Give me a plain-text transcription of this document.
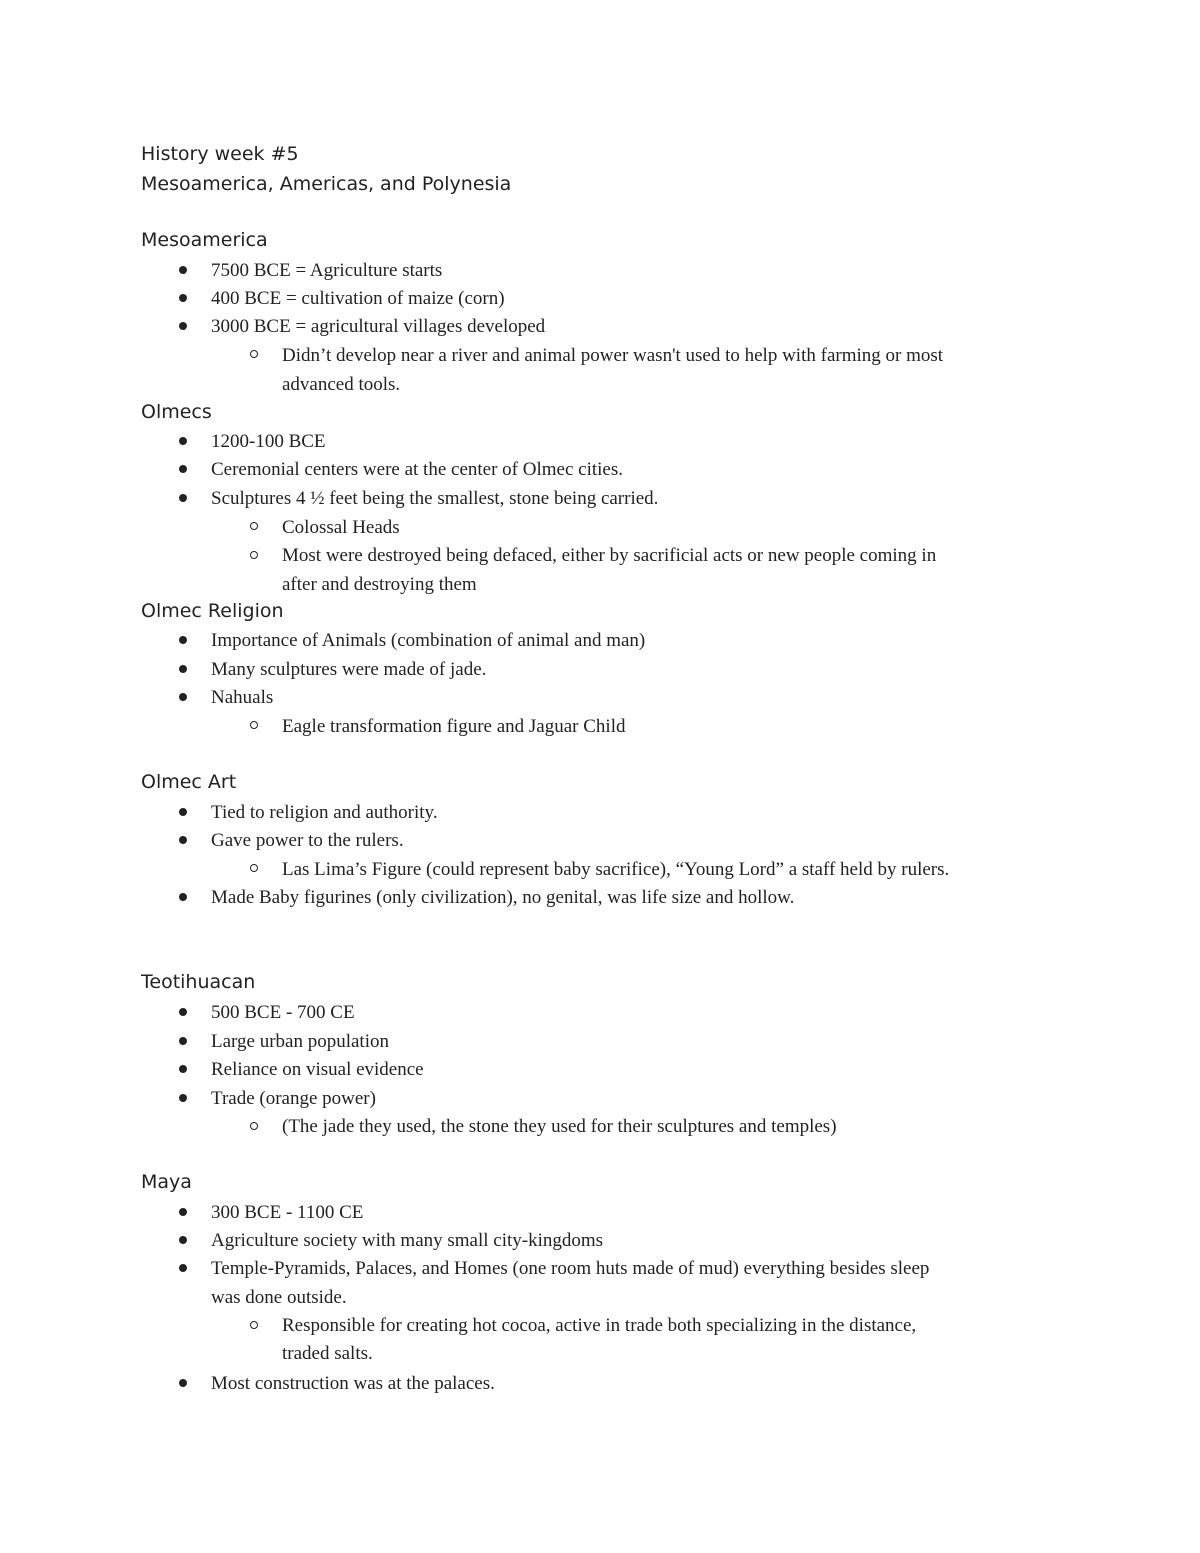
History week #5
Mesoamerica, Americas, and Polynesia
Mesoamerica
7500 BCE = Agriculture starts
400 BCE = cultivation of maize (corn)
3000 BCE = agricultural villages developed
Didn’t develop near a river and animal power wasn't used to help with farming or most
advanced tools.
Olmecs
1200-100 BCE
Ceremonial centers were at the center of Olmec cities.
Sculptures 4 ½ feet being the smallest, stone being carried.
Colossal Heads
Most were destroyed being defaced, either by sacrificial acts or new people coming in
after and destroying them
Olmec Religion
Importance of Animals (combination of animal and man)
Many sculptures were made of jade.
Nahuals
Eagle transformation figure and Jaguar Child
Olmec Art
Tied to religion and authority.
Gave power to the rulers.
Las Lima’s Figure (could represent baby sacrifice), “Young Lord” a staff held by rulers.
Made Baby figurines (only civilization), no genital, was life size and hollow.
Teotihuacan
500 BCE - 700 CE
Large urban population
Reliance on visual evidence
Trade (orange power)
(The jade they used, the stone they used for their sculptures and temples)
Maya
300 BCE - 1100 CE
Agriculture society with many small city-kingdoms
Temple-Pyramids, Palaces, and Homes (one room huts made of mud) everything besides sleep
was done outside.
Responsible for creating hot cocoa, active in trade both specializing in the distance,
traded salts.
Most construction was at the palaces.
